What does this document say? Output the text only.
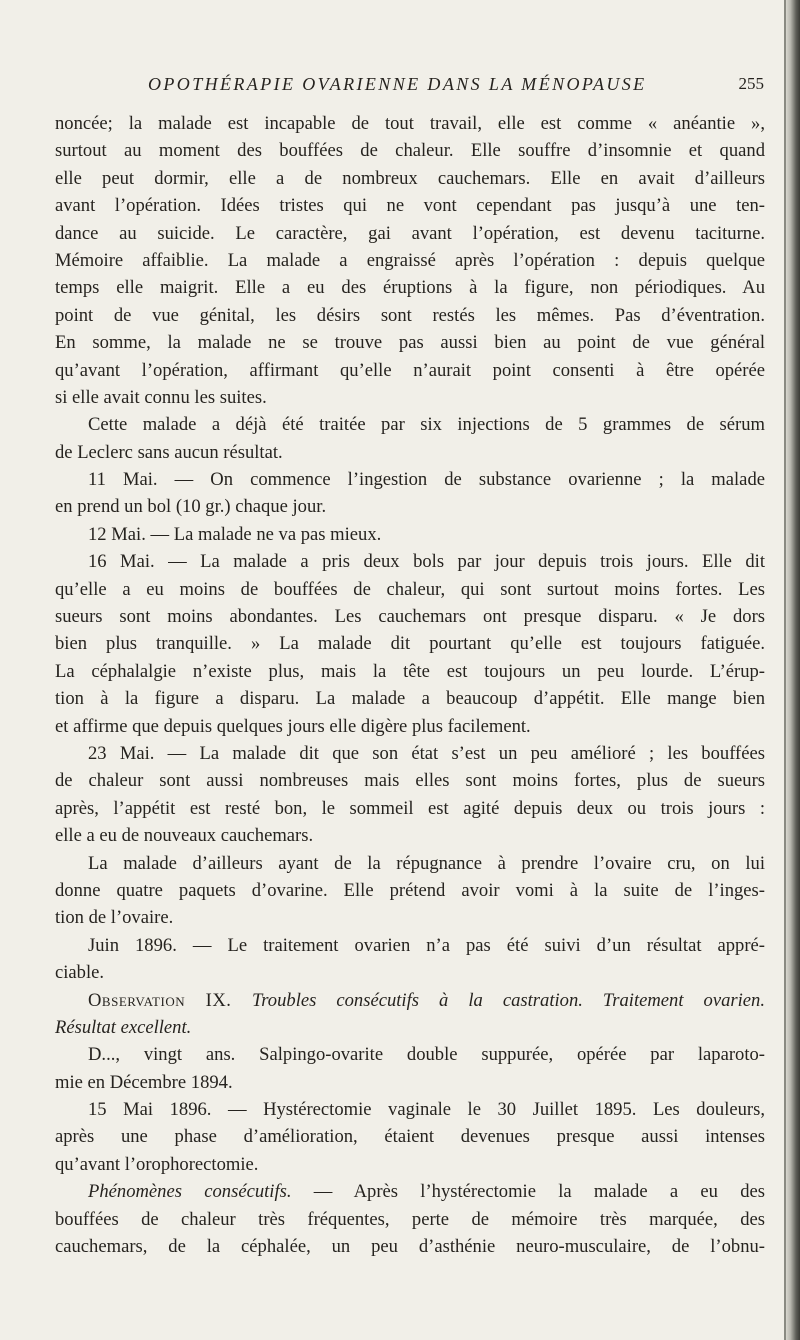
OPOTHÉRAPIE OVARIENNE DANS LA MÉNOPAUSE	255
noncée; la malade est incapable de tout travail, elle est comme « anéantie »,
surtout au moment des bouffées de chaleur. Elle souffre d’insomnie et quand
elle peut dormir, elle a de nombreux cauchemars. Elle en avait d’ailleurs
avant l’opération. Idées tristes qui ne vont cependant pas jusqu’à une ten-
dance au suicide. Le caractère, gai avant l’opération, est devenu taciturne.
Mémoire affaiblie. La malade a engraissé après l’opération : depuis quelque
temps elle maigrit. Elle a eu des éruptions à la figure, non périodiques. Au
point de vue génital, les désirs sont restés les mêmes. Pas d’éventration.
En somme, la malade ne se trouve pas aussi bien au point de vue général
qu’avant l’opération, affirmant qu’elle n’aurait point consenti à être opérée
si elle avait connu les suites.
Cette malade a déjà été traitée par six injections de 5 grammes de sérum
de Leclerc sans aucun résultat.
11 Mai. — On commence l’ingestion de substance ovarienne ; la malade
en prend un bol (10 gr.) chaque jour.
12 Mai. — La malade ne va pas mieux.
16 Mai. — La malade a pris deux bols par jour depuis trois jours. Elle dit
qu’elle a eu moins de bouffées de chaleur, qui sont surtout moins fortes. Les
sueurs sont moins abondantes. Les cauchemars ont presque disparu. « Je dors
bien plus tranquille. » La malade dit pourtant qu’elle est toujours fatiguée.
La céphalalgie n’existe plus, mais la tête est toujours un peu lourde. L’érup-
tion à la figure a disparu. La malade a beaucoup d’appétit. Elle mange bien
et affirme que depuis quelques jours elle digère plus facilement.
23 Mai. — La malade dit que son état s’est un peu amélioré ; les bouffées
de chaleur sont aussi nombreuses mais elles sont moins fortes, plus de sueurs
après, l’appétit est resté bon, le sommeil est agité depuis deux ou trois jours :
elle a eu de nouveaux cauchemars.
La malade d’ailleurs ayant de la répugnance à prendre l’ovaire cru, on lui
donne quatre paquets d’ovarine. Elle prétend avoir vomi à la suite de l’inges-
tion de l’ovaire.
Juin 1896. — Le traitement ovarien n’a pas été suivi d’un résultat appré-
ciable.
Observation IX. Troubles consécutifs à la castration. Traitement ovarien.
Résultat excellent.
D..., vingt ans. Salpingo-ovarite double suppurée, opérée par laparoto-
mie en Décembre 1894.
15 Mai 1896. — Hystérectomie vaginale le 30 Juillet 1895. Les douleurs,
après une phase d’amélioration, étaient devenues presque aussi intenses
qu’avant l’orophorectomie.
Phénomènes consécutifs. — Après l’hystérectomie la malade a eu des
bouffées de chaleur très fréquentes, perte de mémoire très marquée, des
cauchemars, de la céphalée, un peu d’asthénie neuro-musculaire, de l’obnu-
